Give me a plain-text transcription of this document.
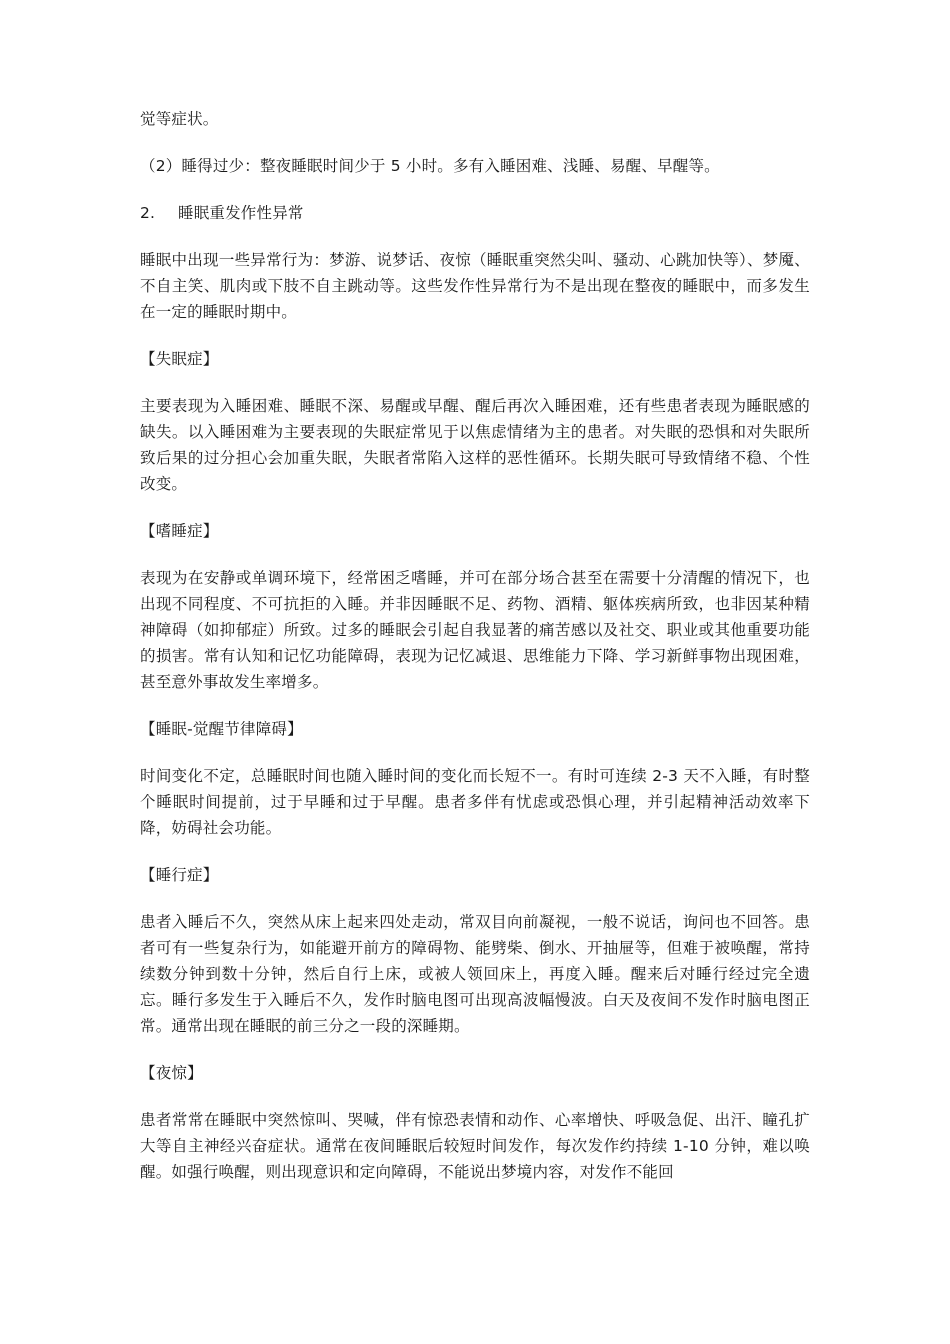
觉等症状。

（2）睡得过少：整夜睡眠时间少于 5 小时。多有入睡困难、浅睡、易醒、早醒等。

2. 睡眠重发作性异常

睡眠中出现一些异常行为：梦游、说梦话、夜惊（睡眠重突然尖叫、骚动、心跳加快等）、梦魇、不自主笑、肌肉或下肢不自主跳动等。这些发作性异常行为不是出现在整夜的睡眠中，而多发生在一定的睡眠时期中。

【失眠症】

主要表现为入睡困难、睡眠不深、易醒或早醒、醒后再次入睡困难，还有些患者表现为睡眠感的缺失。以入睡困难为主要表现的失眠症常见于以焦虑情绪为主的患者。对失眠的恐惧和对失眠所致后果的过分担心会加重失眠，失眠者常陷入这样的恶性循环。长期失眠可导致情绪不稳、个性改变。

【嗜睡症】

表现为在安静或单调环境下，经常困乏嗜睡，并可在部分场合甚至在需要十分清醒的情况下，也出现不同程度、不可抗拒的入睡。并非因睡眠不足、药物、酒精、躯体疾病所致，也非因某种精神障碍（如抑郁症）所致。过多的睡眠会引起自我显著的痛苦感以及社交、职业或其他重要功能的损害。常有认知和记忆功能障碍，表现为记忆减退、思维能力下降、学习新鲜事物出现困难，甚至意外事故发生率增多。

【睡眠-觉醒节律障碍】

时间变化不定，总睡眠时间也随入睡时间的变化而长短不一。有时可连续 2-3 天不入睡，有时整个睡眠时间提前，过于早睡和过于早醒。患者多伴有忧虑或恐惧心理，并引起精神活动效率下降，妨碍社会功能。

【睡行症】

患者入睡后不久，突然从床上起来四处走动，常双目向前凝视，一般不说话，询问也不回答。患者可有一些复杂行为，如能避开前方的障碍物、能劈柴、倒水、开抽屉等，但难于被唤醒，常持续数分钟到数十分钟，然后自行上床，或被人领回床上，再度入睡。醒来后对睡行经过完全遗忘。睡行多发生于入睡后不久，发作时脑电图可出现高波幅慢波。白天及夜间不发作时脑电图正常。通常出现在睡眠的前三分之一段的深睡期。

【夜惊】

患者常常在睡眠中突然惊叫、哭喊，伴有惊恐表情和动作、心率增快、呼吸急促、出汗、瞳孔扩大等自主神经兴奋症状。通常在夜间睡眠后较短时间发作，每次发作约持续 1-10 分钟，难以唤醒。如强行唤醒，则出现意识和定向障碍，不能说出梦境内容，对发作不能回
